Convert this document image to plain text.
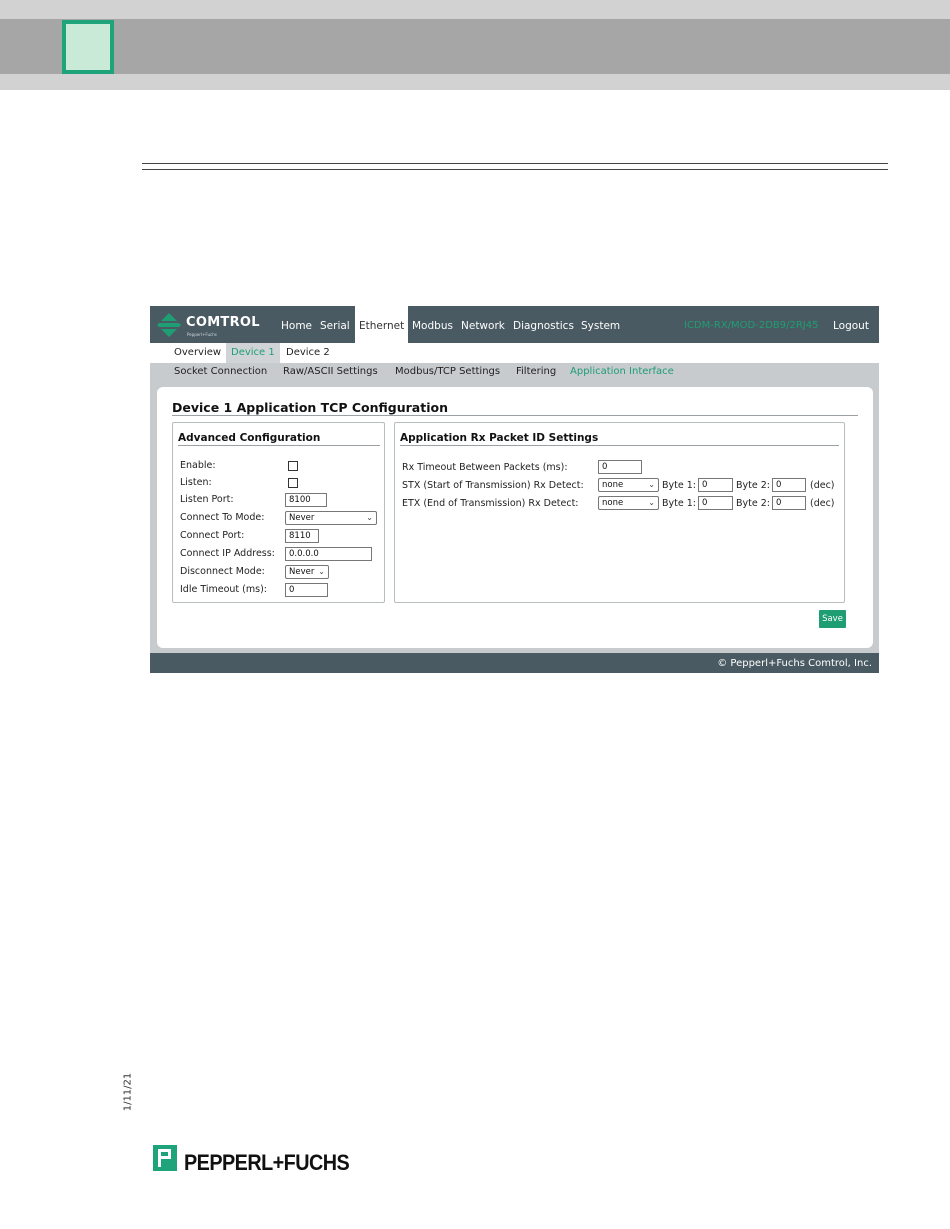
COMTROL
Pepperl+Fuchs
Home Serial Ethernet Modbus Network Diagnostics System	ICDM-RX/MOD-2DB9/2RJ45 Logout
Overview Device 1	Device 2
Socket Connection Raw/ASCII Settings Modbus/TCP Settings Filtering Application Interface
Device 1 Application TCP Configuration
Advanced Configuration
Enable:
Listen:
Listen Port:	8100
Connect To Mode:	Never	⌄
Connect Port:	8110
Connect IP Address:	0.0.0.0
Disconnect Mode:	Never ⌄
Idle Timeout (ms):	0
Application Rx Packet ID Settings
Rx Timeout Between Packets (ms):	0
STX (Start of Transmission) Rx Detect:	none	⌄ Byte 1: 0	Byte 2: 0	(dec)
ETX (End of Transmission) Rx Detect:	none	⌄ Byte 1: 0	Byte 2: 0	(dec)
Save
© Pepperl+Fuchs Comtrol, Inc.
1/11/21
PEPPERL+FUCHS
